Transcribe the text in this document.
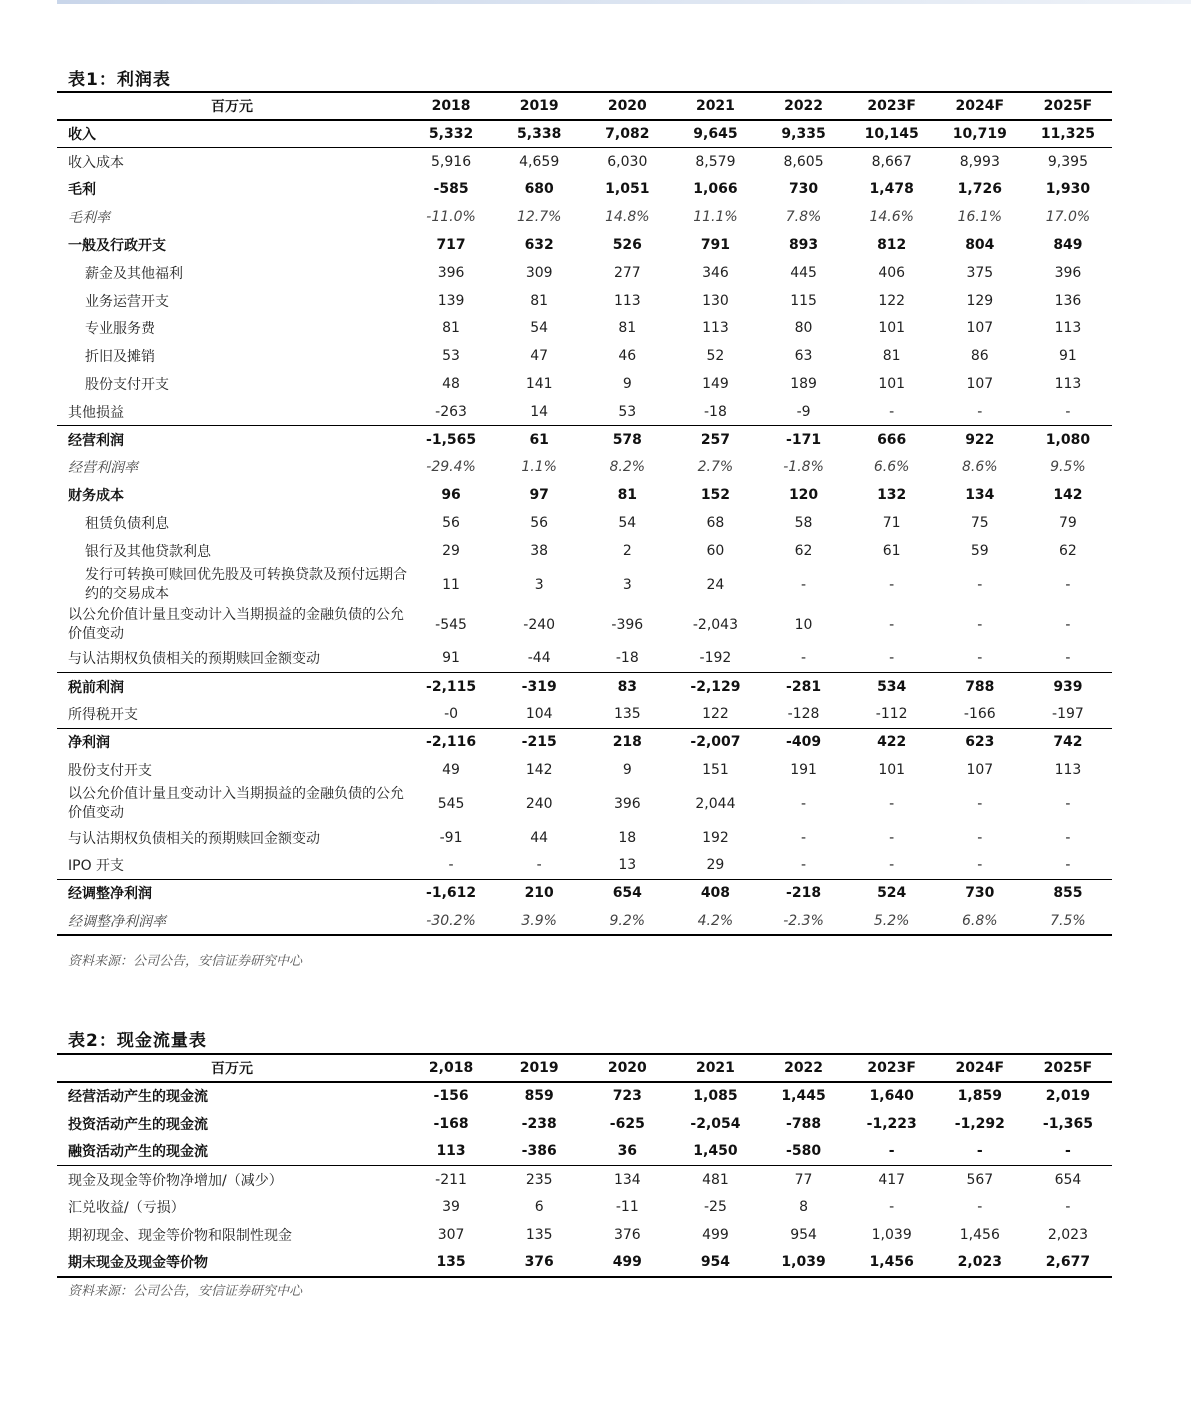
表1：利润表
百万元	2018	2019	2020	2021	2022	2023F	2024F	2025F
收入	5,332	5,338	7,082	9,645	9,335	10,145	10,719	11,325
收入成本	5,916	4,659	6,030	8,579	8,605	8,667	8,993	9,395
毛利	-585	680	1,051	1,066	730	1,478	1,726	1,930
毛利率	-11.0%	12.7%	14.8%	11.1%	7.8%	14.6%	16.1%	17.0%
一般及行政开支	717	632	526	791	893	812	804	849
薪金及其他福利	396	309	277	346	445	406	375	396
业务运营开支	139	81	113	130	115	122	129	136
专业服务费	81	54	81	113	80	101	107	113
折旧及摊销	53	47	46	52	63	81	86	91
股份支付开支	48	141	9	149	189	101	107	113
其他损益	-263	14	53	-18	-9	-	-	-
经营利润	-1,565	61	578	257	-171	666	922	1,080
经营利润率	-29.4%	1.1%	8.2%	2.7%	-1.8%	6.6%	8.6%	9.5%
财务成本	96	97	81	152	120	132	134	142
租赁负债利息	56	56	54	68	58	71	75	79
银行及其他贷款利息	29	38	2	60	62	61	59	62
发行可转换可赎回优先股及可转换贷款及预付远期合约的交易成本	11	3	3	24	-	-	-	-
以公允价值计量且变动计入当期损益的金融负债的公允价值变动	-545	-240	-396	-2,043	10	-	-	-
与认沽期权负债相关的预期赎回金额变动	91	-44	-18	-192	-	-	-	-
税前利润	-2,115	-319	83	-2,129	-281	534	788	939
所得税开支	-0	104	135	122	-128	-112	-166	-197
净利润	-2,116	-215	218	-2,007	-409	422	623	742
股份支付开支	49	142	9	151	191	101	107	113
以公允价值计量且变动计入当期损益的金融负债的公允价值变动	545	240	396	2,044	-	-	-	-
与认沽期权负债相关的预期赎回金额变动	-91	44	18	192	-	-	-	-
IPO 开支	-	-	13	29	-	-	-	-
经调整净利润	-1,612	210	654	408	-218	524	730	855
经调整净利润率	-30.2%	3.9%	9.2%	4.2%	-2.3%	5.2%	6.8%	7.5%
资料来源：公司公告，安信证券研究中心
表2：现金流量表
百万元	2,018	2019	2020	2021	2022	2023F	2024F	2025F
经营活动产生的现金流	-156	859	723	1,085	1,445	1,640	1,859	2,019
投资活动产生的现金流	-168	-238	-625	-2,054	-788	-1,223	-1,292	-1,365
融资活动产生的现金流	113	-386	36	1,450	-580	-	-	-
现金及现金等价物净增加/（减少）	-211	235	134	481	77	417	567	654
汇兑收益/（亏损）	39	6	-11	-25	8	-	-	-
期初现金、现金等价物和限制性现金	307	135	376	499	954	1,039	1,456	2,023
期末现金及现金等价物	135	376	499	954	1,039	1,456	2,023	2,677
资料来源：公司公告，安信证券研究中心
